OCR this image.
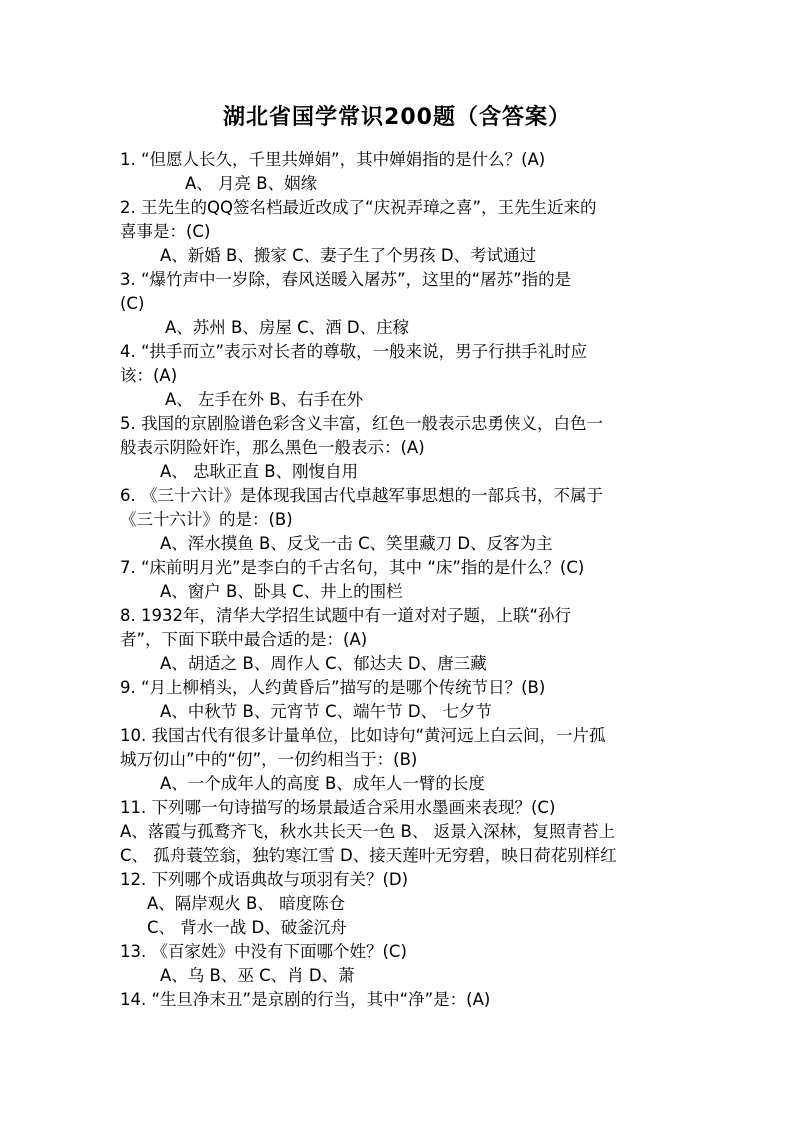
湖北省国学常识200题（含答案）
1. “但愿人长久，千里共婵娟”，其中婵娟指的是什么？(A)
A、 月亮 B、姻缘
2. 王先生的QQ签名档最近改成了“庆祝弄璋之喜”，王先生近来的
喜事是：(C)
A、新婚 B、搬家 C、妻子生了个男孩 D、考试通过
3. “爆竹声中一岁除，春风送暖入屠苏”，这里的“屠苏”指的是
(C)
A、苏州 B、房屋 C、酒 D、庄稼
4. “拱手而立”表示对长者的尊敬，一般来说，男子行拱手礼时应
该：(A)
A、 左手在外 B、右手在外
5. 我国的京剧脸谱色彩含义丰富，红色一般表示忠勇侠义，白色一
般表示阴险奸诈，那么黑色一般表示：(A)
A、 忠耿正直 B、刚愎自用
6. 《三十六计》是体现我国古代卓越军事思想的一部兵书，不属于
《三十六计》的是：(B)
A、浑水摸鱼 B、反戈一击 C、笑里藏刀 D、反客为主
7. “床前明月光”是李白的千古名句，其中 “床”指的是什么？(C)
A、窗户 B、卧具 C、井上的围栏
8. 1932年，清华大学招生试题中有一道对对子题，上联“孙行
者”，下面下联中最合适的是：(A)
A、胡适之 B、周作人 C、郁达夫 D、唐三藏
9. “月上柳梢头，人约黄昏后”描写的是哪个传统节日？(B)
A、中秋节 B、元宵节 C、端午节 D、 七夕节
10. 我国古代有很多计量单位，比如诗句“黄河远上白云间，一片孤
城万仞山”中的“仞”，一仞约相当于：(B)
A、一个成年人的高度 B、成年人一臂的长度
11. 下列哪一句诗描写的场景最适合采用水墨画来表现？(C)
A、落霞与孤鹜齐飞，秋水共长天一色 B、 返景入深林，复照青苔上
C、 孤舟蓑笠翁，独钓寒江雪 D、接天莲叶无穷碧，映日荷花别样红
12. 下列哪个成语典故与项羽有关？(D)
A、隔岸观火 B、 暗度陈仓
C、 背水一战 D、破釜沉舟
13. 《百家姓》中没有下面哪个姓？(C)
A、乌 B、巫 C、肖 D、萧
14. “生旦净末丑”是京剧的行当，其中“净”是：(A)
